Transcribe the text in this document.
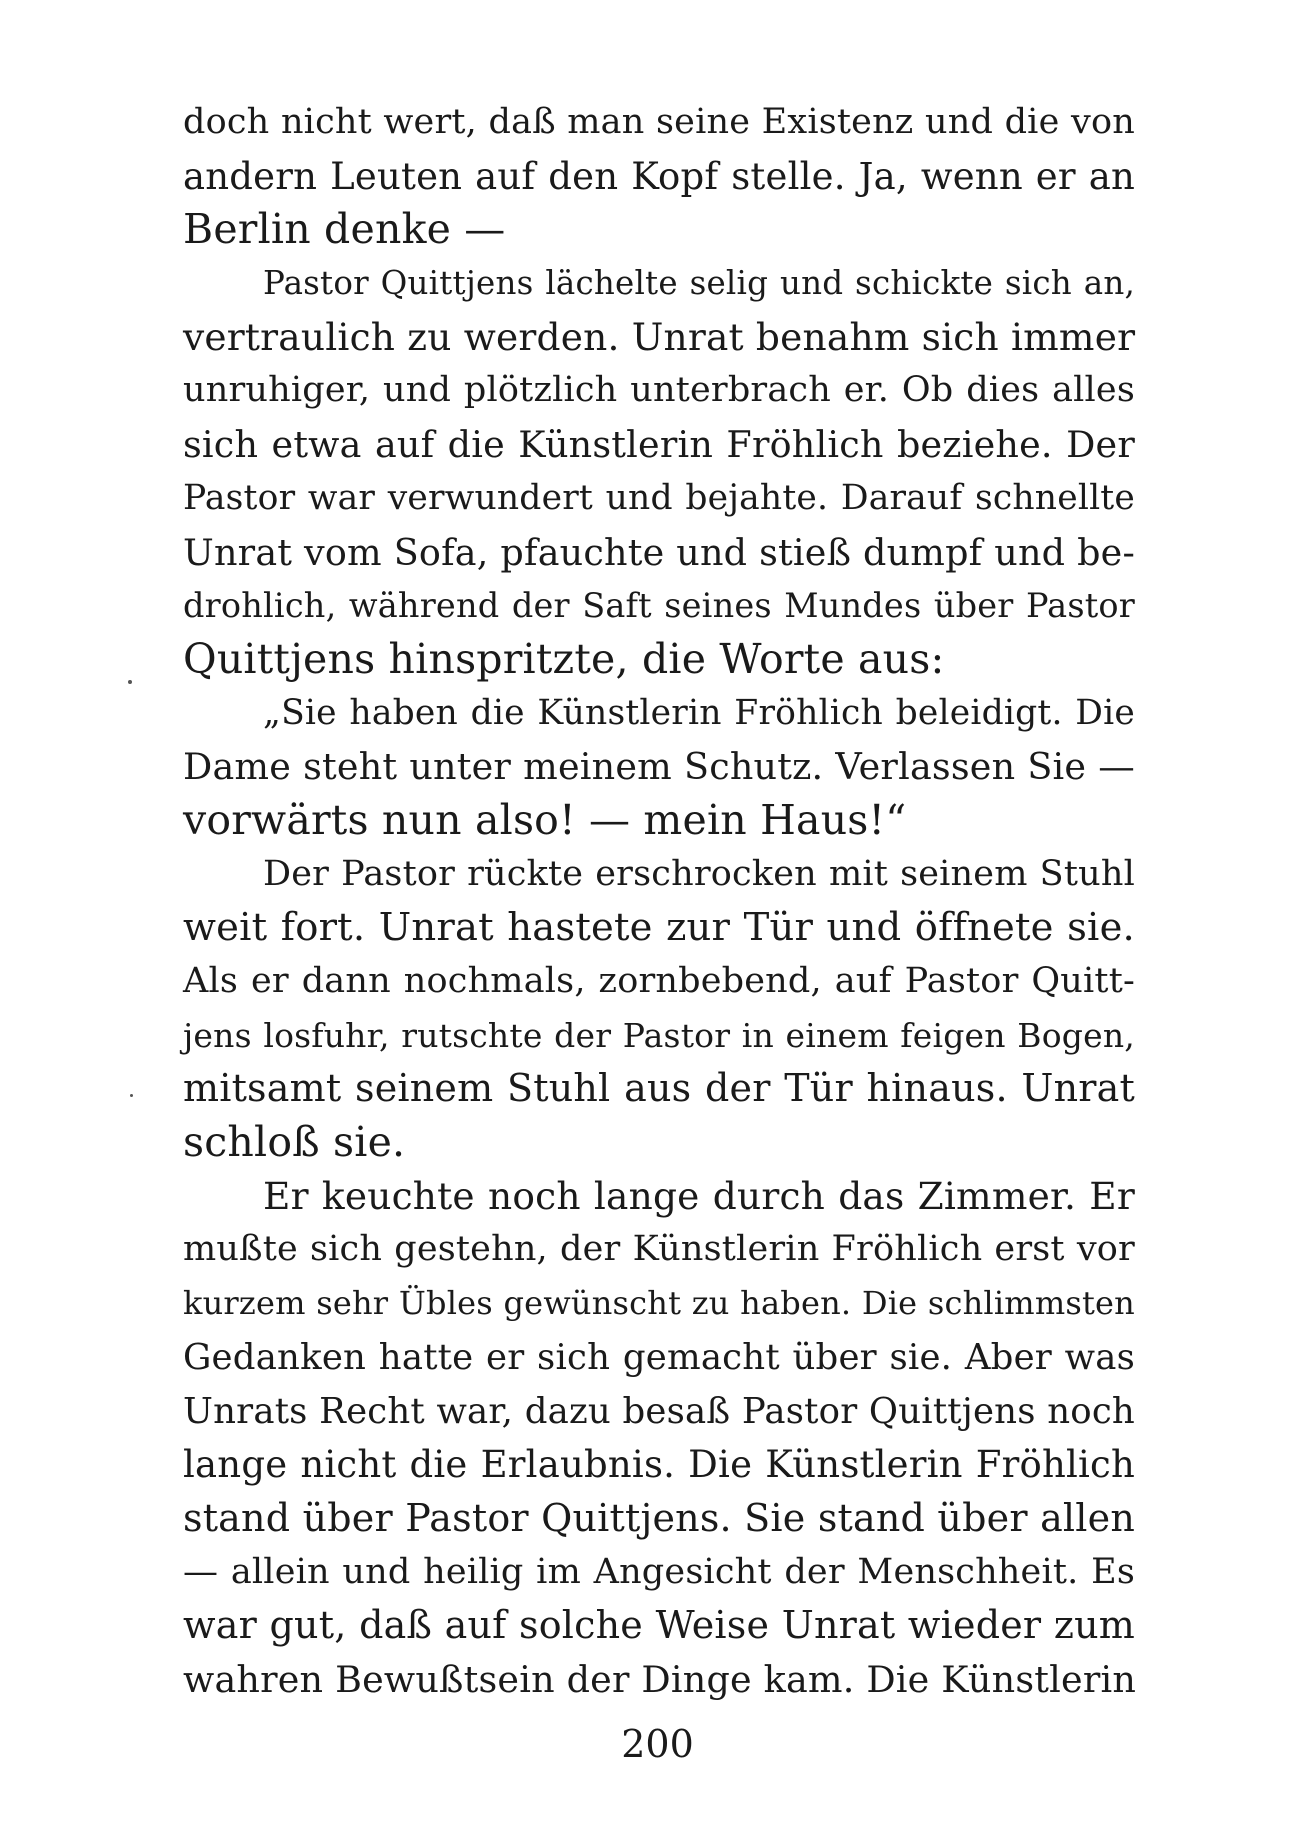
doch nicht wert, daß man seine Existenz und die von
andern Leuten auf den Kopf stelle. Ja, wenn er an
Berlin denke —
Pastor Quittjens lächelte selig und schickte sich an,
vertraulich zu werden. Unrat benahm sich immer
unruhiger, und plötzlich unterbrach er. Ob dies alles
sich etwa auf die Künstlerin Fröhlich beziehe. Der
Pastor war verwundert und bejahte. Darauf schnellte
Unrat vom Sofa, pfauchte und stieß dumpf und be-
drohlich, während der Saft seines Mundes über Pastor
Quittjens hinspritzte, die Worte aus:
„Sie haben die Künstlerin Fröhlich beleidigt. Die
Dame steht unter meinem Schutz. Verlassen Sie —
vorwärts nun also! — mein Haus!“
Der Pastor rückte erschrocken mit seinem Stuhl
weit fort. Unrat hastete zur Tür und öffnete sie.
Als er dann nochmals, zornbebend, auf Pastor Quitt-
jens losfuhr, rutschte der Pastor in einem feigen Bogen,
mitsamt seinem Stuhl aus der Tür hinaus. Unrat
schloß sie.
Er keuchte noch lange durch das Zimmer. Er
mußte sich gestehn, der Künstlerin Fröhlich erst vor
kurzem sehr Übles gewünscht zu haben. Die schlimmsten
Gedanken hatte er sich gemacht über sie. Aber was
Unrats Recht war, dazu besaß Pastor Quittjens noch
lange nicht die Erlaubnis. Die Künstlerin Fröhlich
stand über Pastor Quittjens. Sie stand über allen
— allein und heilig im Angesicht der Menschheit. Es
war gut, daß auf solche Weise Unrat wieder zum
wahren Bewußtsein der Dinge kam. Die Künstlerin
200
